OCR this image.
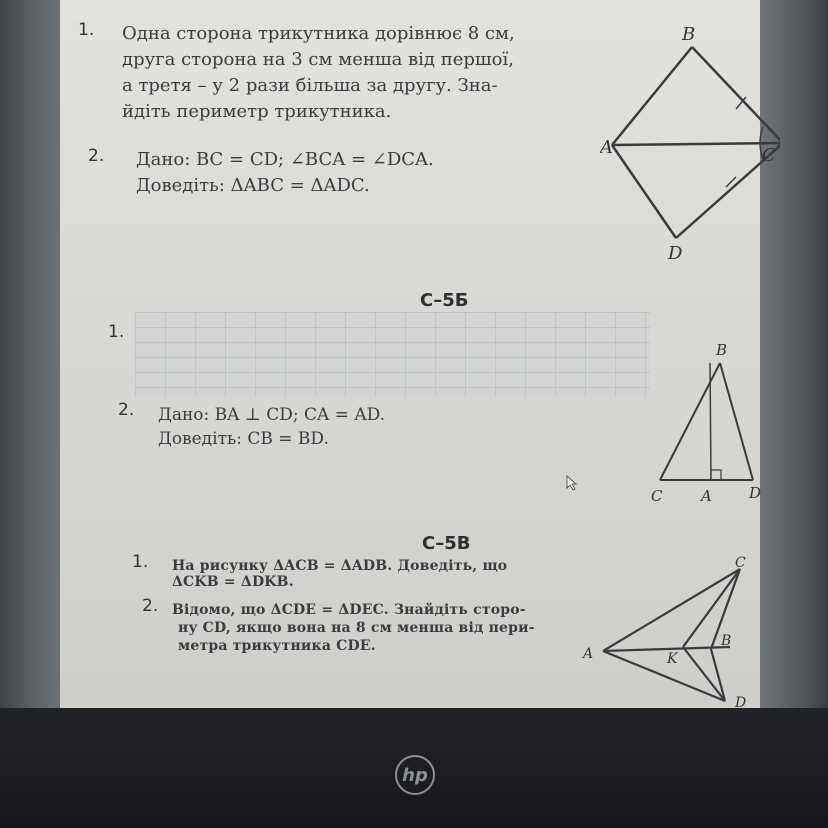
1. Одна сторона трикутника дорівнює 8 см,
друга сторона на 3 см менша від першої,
а третя – у 2 рази більша за другу. Зна-
йдіть периметр трикутника.
2. Дано: BC = CD; ∠BCA = ∠DCA.
Доведіть: ΔABC = ΔADC.
B
A	C
D
С–5Б
1.
2. Дано: BA ⊥ CD; CA = AD.
Доведіть: CB = BD.
B
C	A D
С–5В
1. На рисунку ΔACB = ΔADB. Доведіть, що
ΔCKB = ΔDKB.
2. Відомо, що ΔCDE = ΔDEC. Знайдіть сторо-
ну CD, якщо вона на 8 см менша від пери-
метра трикутника CDE.
C
A
B
K
D
hp
